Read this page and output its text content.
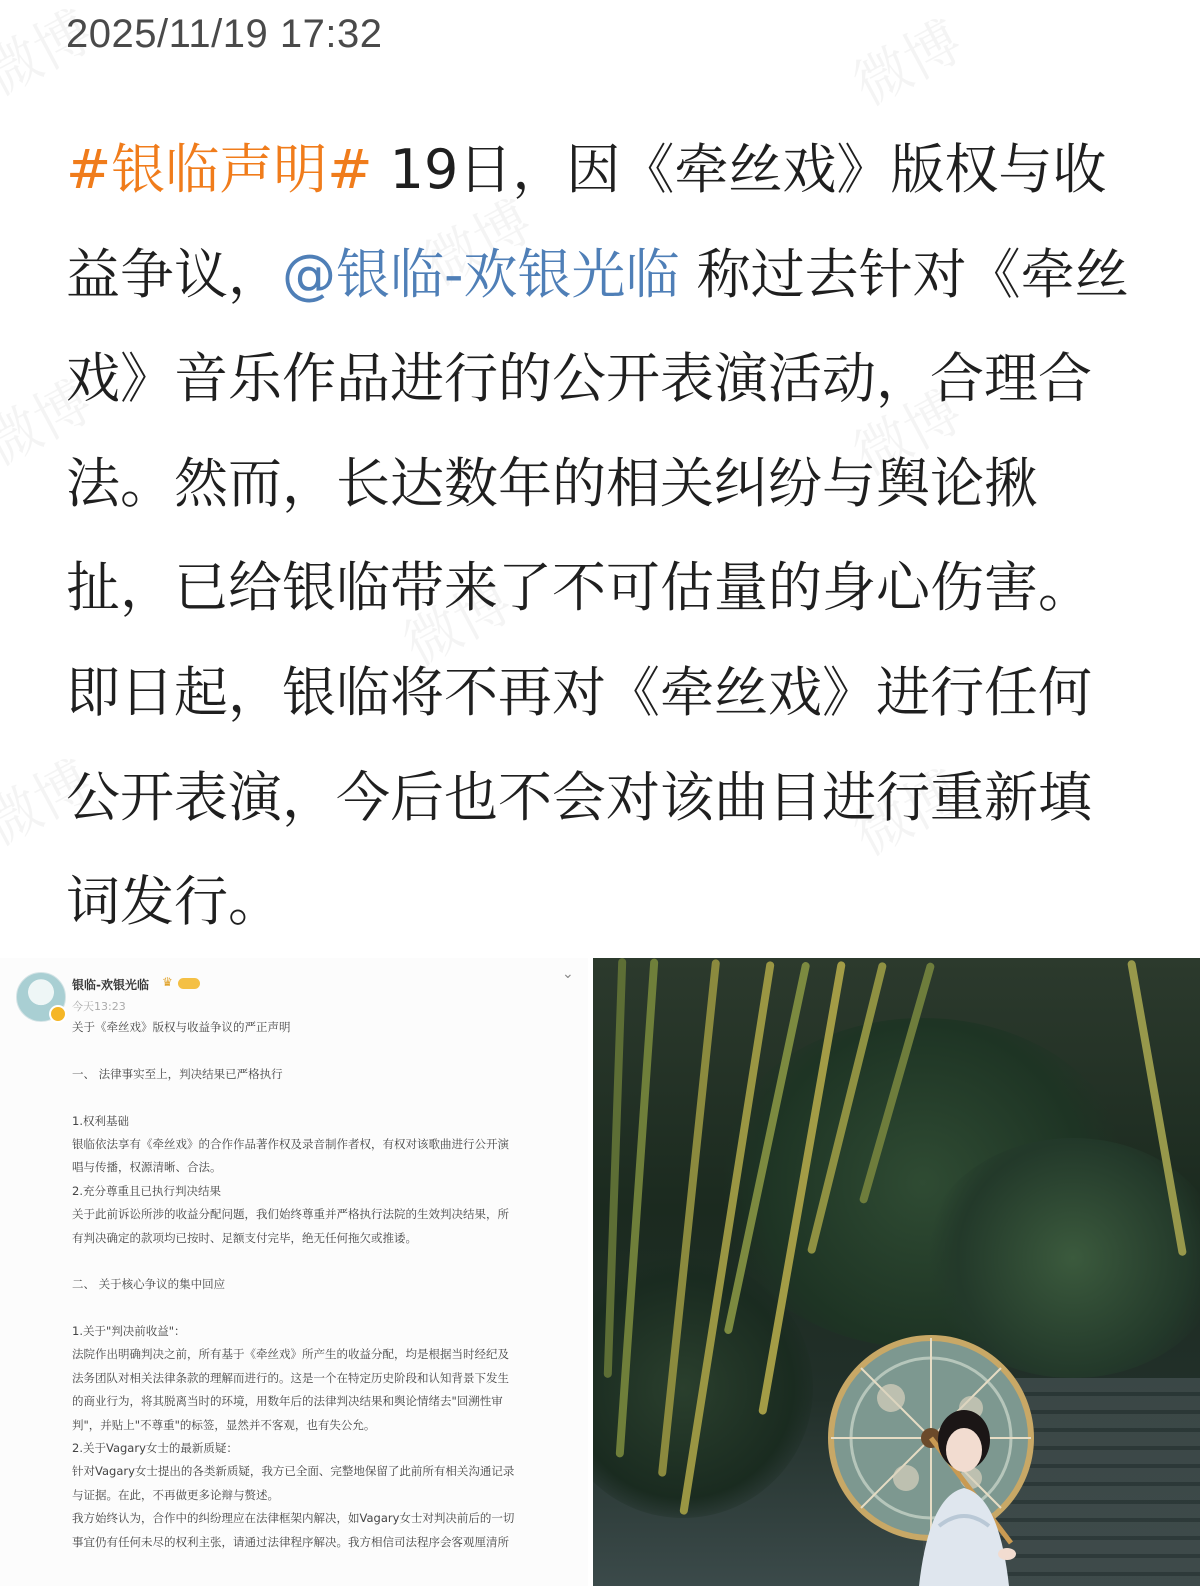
2025/11/19 17:32
#银临声明# 19日，因《牵丝戏》版权与收益争议，@银临-欢银光临 称过去针对《牵丝戏》音乐作品进行的公开表演活动，合理合法。然而，长达数年的相关纠纷与舆论揪扯，已给银临带来了不可估量的身心伤害。即日起，银临将不再对《牵丝戏》进行任何公开表演，今后也不会对该曲目进行重新填词发行。
银临-欢银光临 ♛	⌄
今天13:23
关于《牵丝戏》版权与收益争议的严正声明
一、 法律事实至上，判决结果已严格执行
1.权利基础
银临依法享有《牵丝戏》的合作作品著作权及录音制作者权，有权对该歌曲进行公开演
唱与传播，权源清晰、合法。
2.充分尊重且已执行判决结果
关于此前诉讼所涉的收益分配问题，我们始终尊重并严格执行法院的生效判决结果，所
有判决确定的款项均已按时、足额支付完毕，绝无任何拖欠或推诿。
二、 关于核心争议的集中回应
1.关于"判决前收益"：
法院作出明确判决之前，所有基于《牵丝戏》所产生的收益分配，均是根据当时经纪及
法务团队对相关法律条款的理解而进行的。这是一个在特定历史阶段和认知背景下发生
的商业行为，将其脱离当时的环境，用数年后的法律判决结果和舆论情绪去"回溯性审
判"，并贴上"不尊重"的标签，显然并不客观，也有失公允。
2.关于Vagary女士的最新质疑：
针对Vagary女士提出的各类新质疑，我方已全面、完整地保留了此前所有相关沟通记录
与证据。在此，不再做更多论辩与赘述。
我方始终认为，合作中的纠纷理应在法律框架内解决，如Vagary女士对判决前后的一切
事宜仍有任何未尽的权利主张，请通过法律程序解决。我方相信司法程序会客观厘清所
